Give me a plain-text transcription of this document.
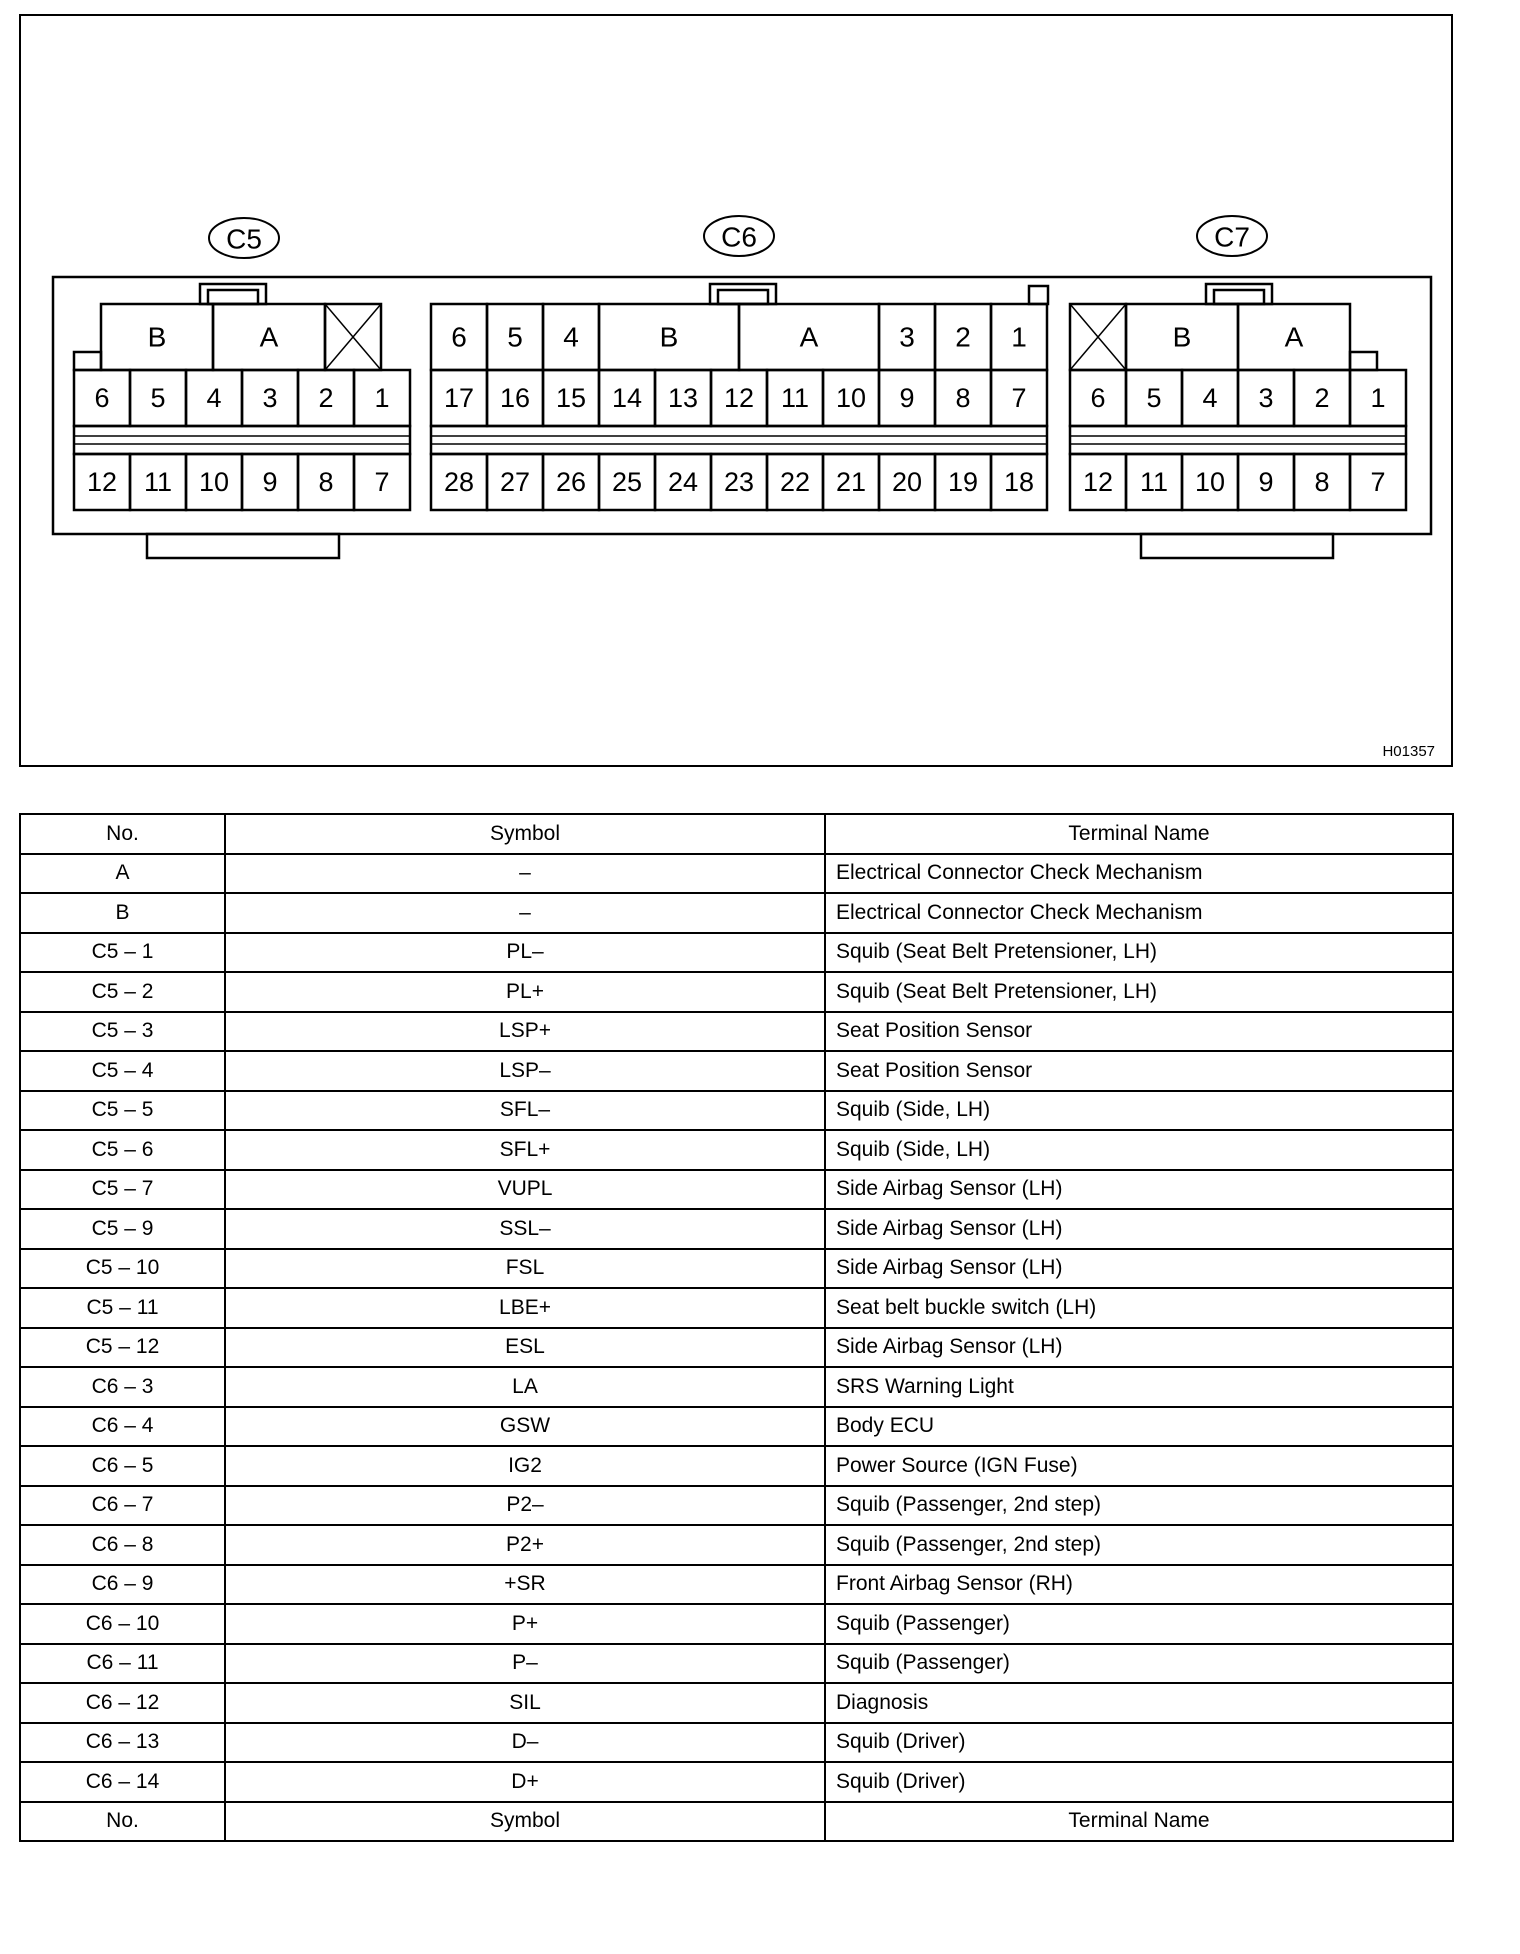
C5
B	A
6 5 4 3 2 1
12 11 10 9 8 7
C6
6 5 4	B	A	3 2 1
17 16 15 14 13 12 11 10 9 8 7
28 27 26 25 24 23 22 21 20 19 18
C7
B	A
6 5 4 3 2 1
12 11 10 9 8 7
H01357
No.	Symbol	Terminal Name
A	–	Electrical Connector Check Mechanism
B	–	Electrical Connector Check Mechanism
C5 – 1	PL–	Squib (Seat Belt Pretensioner, LH)
C5 – 2	PL+	Squib (Seat Belt Pretensioner, LH)
C5 – 3	LSP+	Seat Position Sensor
C5 – 4	LSP–	Seat Position Sensor
C5 – 5	SFL–	Squib (Side, LH)
C5 – 6	SFL+	Squib (Side, LH)
C5 – 7	VUPL	Side Airbag Sensor (LH)
C5 – 9	SSL–	Side Airbag Sensor (LH)
C5 – 10	FSL	Side Airbag Sensor (LH)
C5 – 11	LBE+	Seat belt buckle switch (LH)
C5 – 12	ESL	Side Airbag Sensor (LH)
C6 – 3	LA	SRS Warning Light
C6 – 4	GSW	Body ECU
C6 – 5	IG2	Power Source (IGN Fuse)
C6 – 7	P2–	Squib (Passenger, 2nd step)
C6 – 8	P2+	Squib (Passenger, 2nd step)
C6 – 9	+SR	Front Airbag Sensor (RH)
C6 – 10	P+	Squib (Passenger)
C6 – 11	P–	Squib (Passenger)
C6 – 12	SIL	Diagnosis
C6 – 13	D–	Squib (Driver)
C6 – 14	D+	Squib (Driver)
No.	Symbol	Terminal Name
